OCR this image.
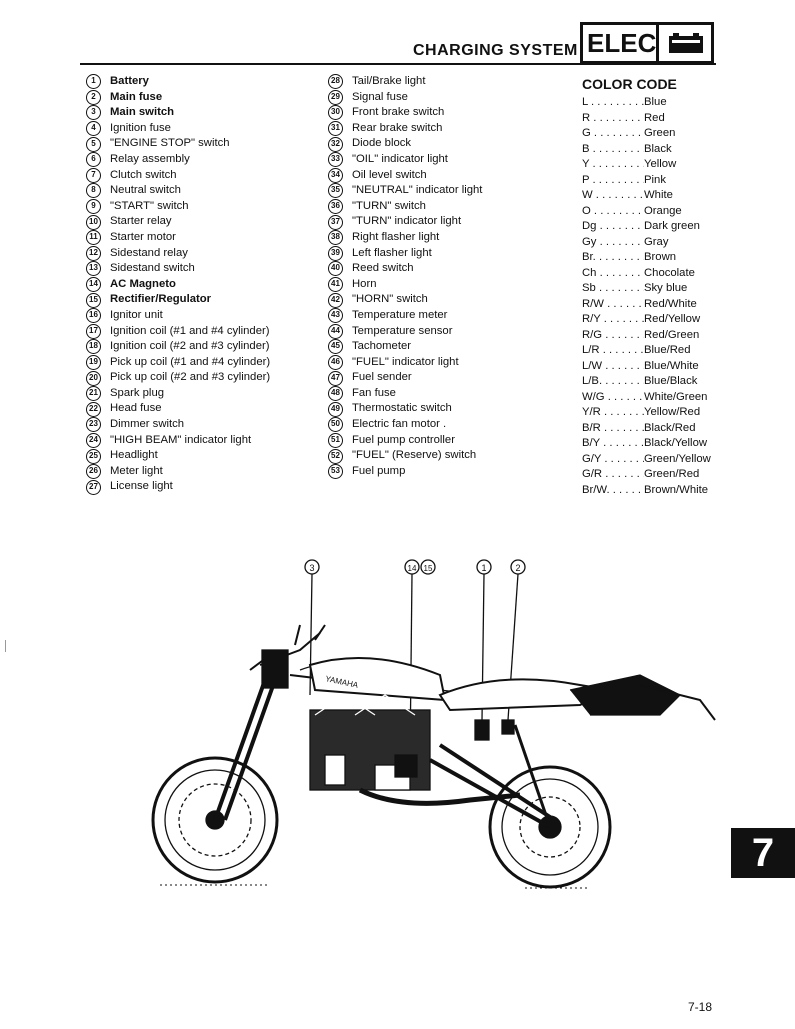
CHARGING SYSTEM ELEC
1	Battery
2	Main fuse
3	Main switch
4	Ignition fuse
5	"ENGINE STOP" switch
6	Relay assembly
7	Clutch switch
8	Neutral switch
9	"START" switch
10 Starter relay
11 Starter motor
12 Sidestand relay
13 Sidestand switch
14 AC Magneto
15 Rectifier/Regulator
16 Ignitor unit
17 Ignition coil (#1 and #4 cylinder)
18 Ignition coil (#2 and #3 cylinder)
19 Pick up coil (#1 and #4 cylinder)
20 Pick up coil (#2 and #3 cylinder)
21 Spark plug
22 Head fuse
23 Dimmer switch
24 "HIGH BEAM" indicator light
25 Headlight
26 Meter light
27 License light
28 Tail/Brake light
29 Signal fuse
30 Front brake switch
31 Rear brake switch
32 Diode block
33 "OIL" indicator light
34 Oil level switch
35 "NEUTRAL" indicator light
36 "TURN" switch
37 "TURN" indicator light
38 Right flasher light
39 Left flasher light
40 Reed switch
41 Horn
42 "HORN" switch
43 Temperature meter
44 Temperature sensor
45 Tachometer
46 "FUEL" indicator light
47 Fuel sender
48 Fan fuse
49 Thermostatic switch
50 Electric fan motor .
51 Fuel pump controller
52 "FUEL" (Reserve) switch
53 Fuel pump
COLOR CODE
L . . .	Blue
R . . .	Red
G . . .	Green
B . . .	Black
Y . . .	Yellow
P . . .	Pink
W . . .	White
O . . .	Orange
Dg . . .	Dark green
Gy . . .	Gray
Br. . . .	Brown
Ch . . .	Chocolate
Sb . . .	Sky blue
R/W . . .	Red/White
R/Y . . .	Red/Yellow
R/G . . .	Red/Green
L/R . . .	Blue/Red
L/W . . .	Blue/White
L/B. . . .	Blue/Black
W/G . . .	White/Green
Y/R . . .	Yellow/Red
B/R . . .	Black/Red
B/Y . . .	Black/Yellow
G/Y . . .	Green/Yellow
G/R . . .	Green/Red
Br/W. . . .	Brown/White
3	14 15	1	2
YAMAHA
7
7-18
